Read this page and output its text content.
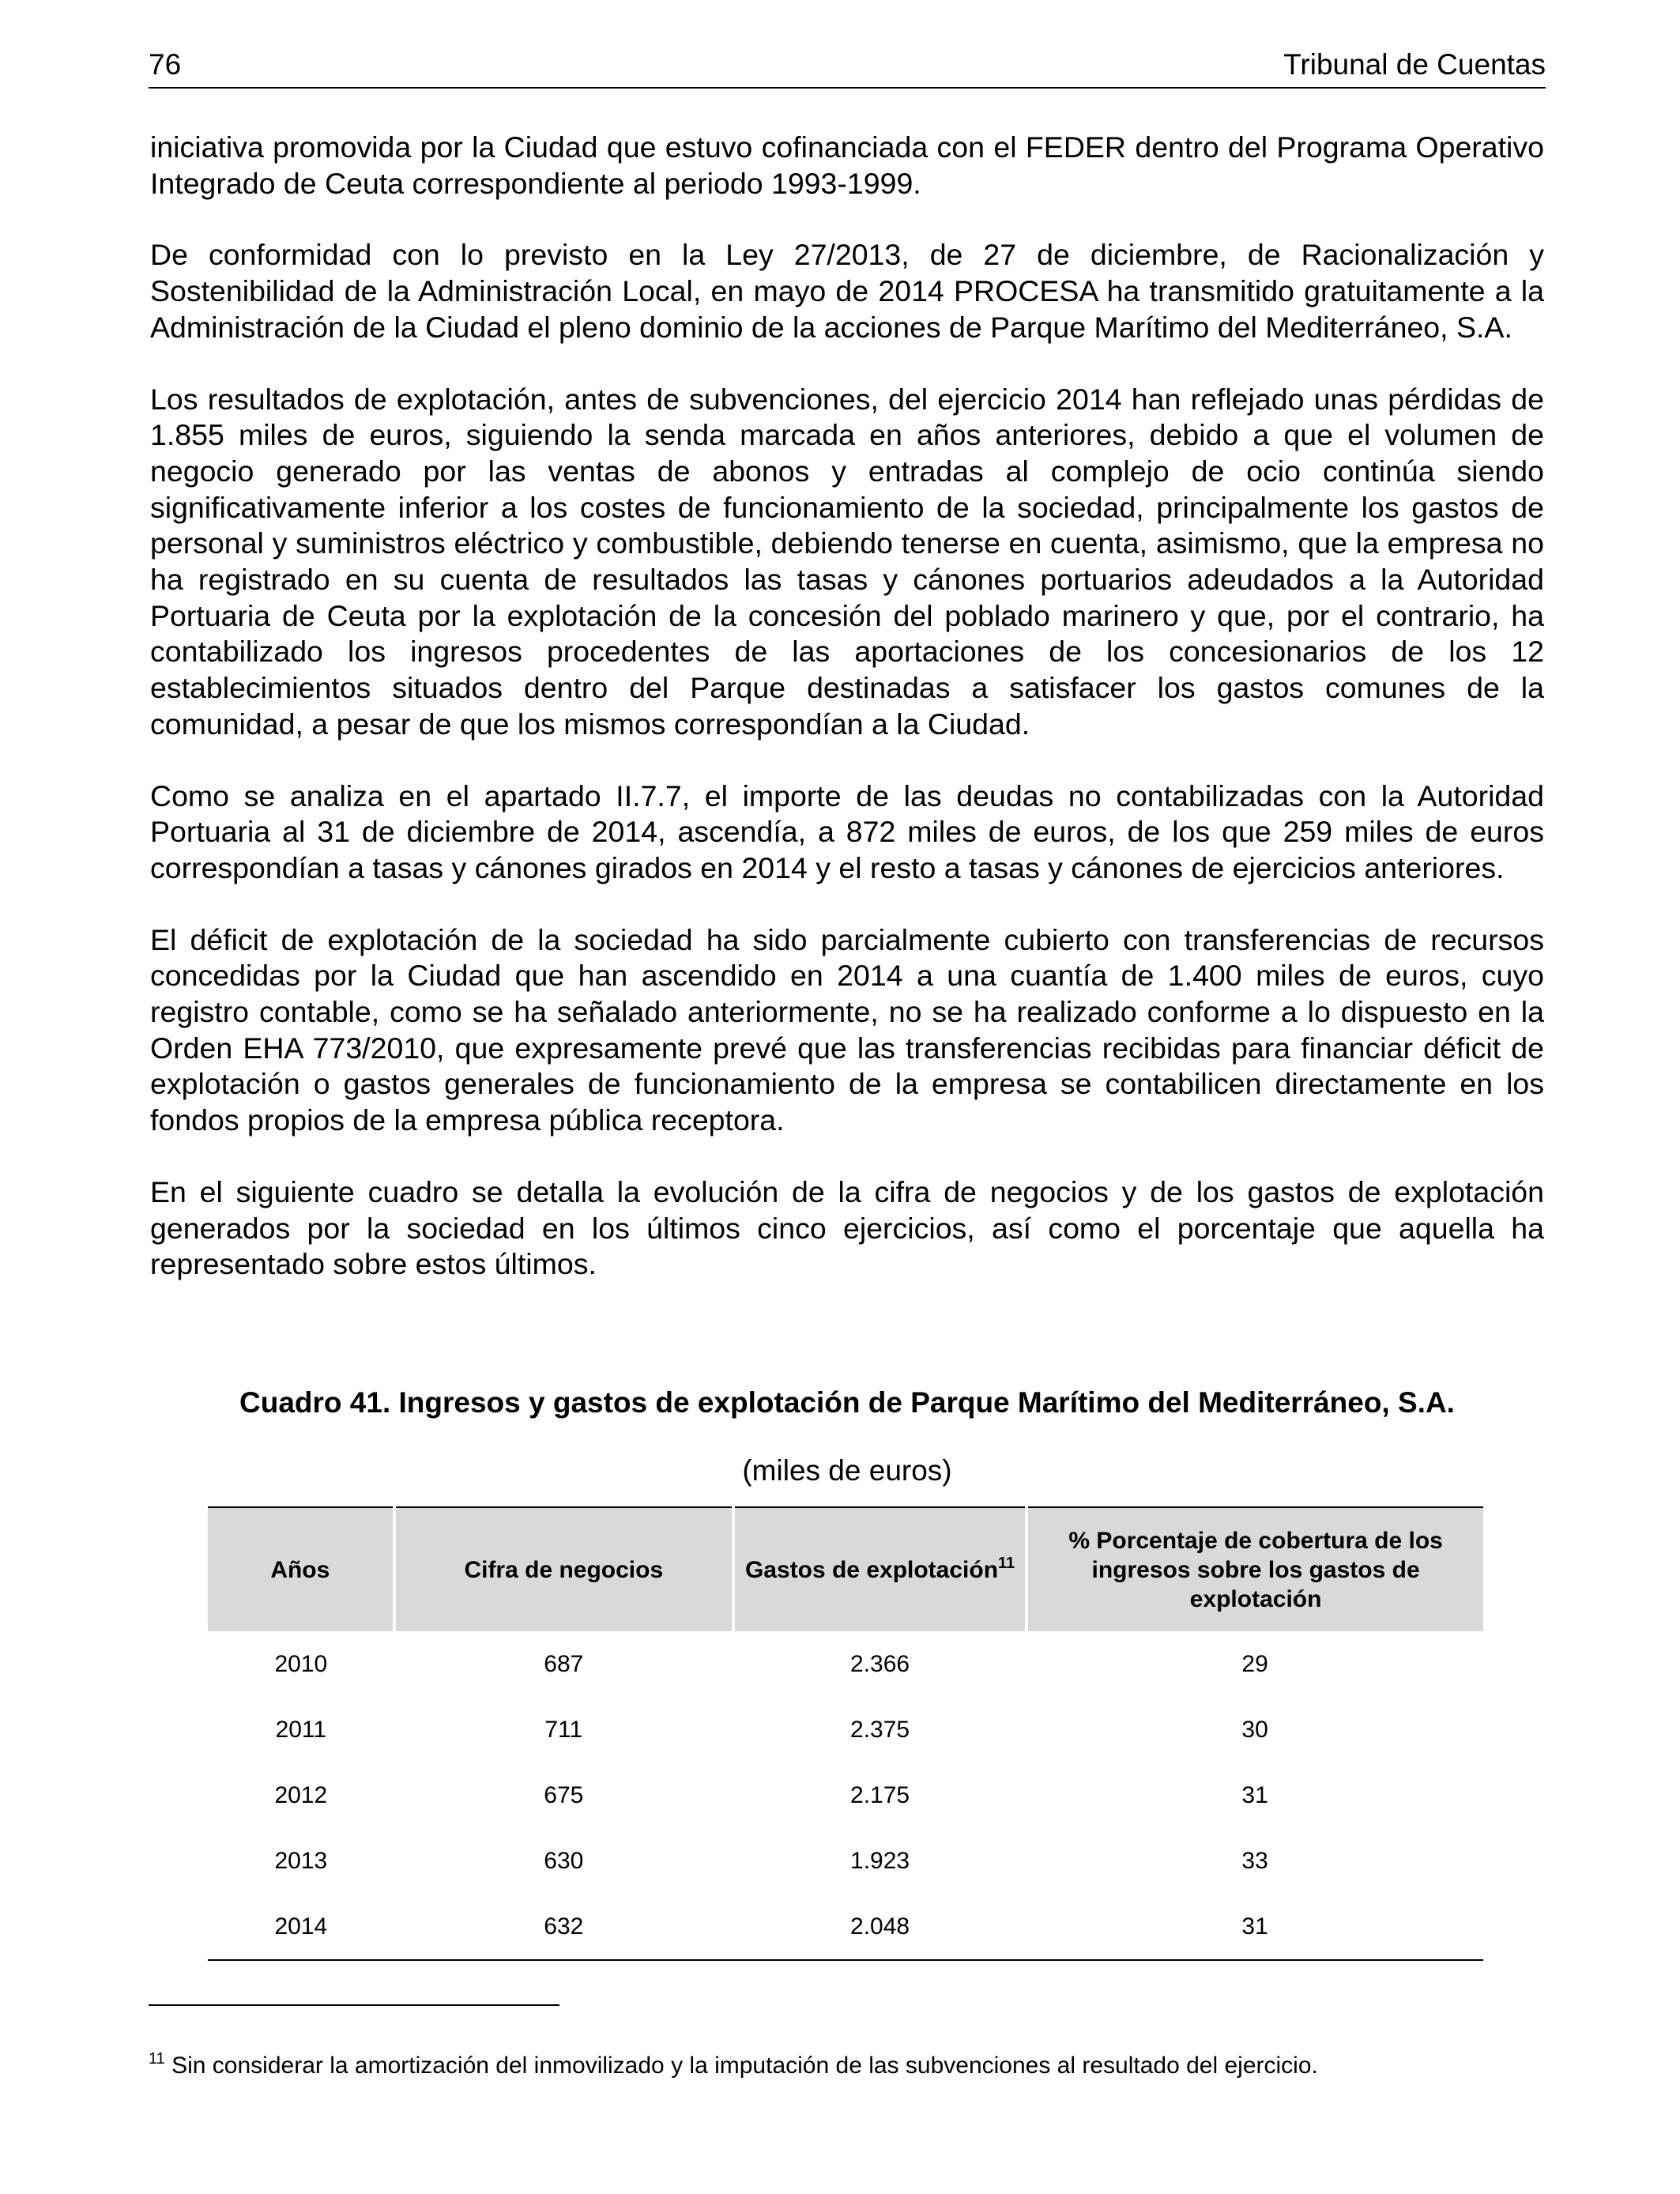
76	Tribunal de Cuentas

iniciativa promovida por la Ciudad que estuvo cofinanciada con el FEDER dentro del Programa Operativo Integrado de Ceuta correspondiente al periodo 1993-1999.

De conformidad con lo previsto en la Ley 27/2013, de 27 de diciembre, de Racionalización y Sostenibilidad de la Administración Local, en mayo de 2014 PROCESA ha transmitido gratuitamente a la Administración de la Ciudad el pleno dominio de la acciones de Parque Marítimo del Mediterráneo, S.A.

Los resultados de explotación, antes de subvenciones, del ejercicio 2014 han reflejado unas pérdidas de 1.855 miles de euros, siguiendo la senda marcada en años anteriores, debido a que el volumen de negocio generado por las ventas de abonos y entradas al complejo de ocio continúa siendo significativamente inferior a los costes de funcionamiento de la sociedad, principalmente los gastos de personal y suministros eléctrico y combustible, debiendo tenerse en cuenta, asimismo, que la empresa no ha registrado en su cuenta de resultados las tasas y cánones portuarios adeudados a la Autoridad Portuaria de Ceuta por la explotación de la concesión del poblado marinero y que, por el contrario, ha contabilizado los ingresos procedentes de las aportaciones de los concesionarios de los 12 establecimientos situados dentro del Parque destinadas a satisfacer los gastos comunes de la comunidad, a pesar de que los mismos correspondían a la Ciudad.

Como se analiza en el apartado II.7.7, el importe de las deudas no contabilizadas con la Autoridad Portuaria al 31 de diciembre de 2014, ascendía, a 872 miles de euros, de los que 259 miles de euros correspondían a tasas y cánones girados en 2014 y el resto a tasas y cánones de ejercicios anteriores.

El déficit de explotación de la sociedad ha sido parcialmente cubierto con transferencias de recursos concedidas por la Ciudad que han ascendido en 2014 a una cuantía de 1.400 miles de euros, cuyo registro contable, como se ha señalado anteriormente, no se ha realizado conforme a lo dispuesto en la Orden EHA 773/2010, que expresamente prevé que las transferencias recibidas para financiar déficit de explotación o gastos generales de funcionamiento de la empresa se contabilicen directamente en los fondos propios de la empresa pública receptora.

En el siguiente cuadro se detalla la evolución de la cifra de negocios y de los gastos de explotación generados por la sociedad en los últimos cinco ejercicios, así como el porcentaje que aquella ha representado sobre estos últimos.

Cuadro 41. Ingresos y gastos de explotación de Parque Marítimo del Mediterráneo, S.A.
(miles de euros)
Años	Cifra de negocios	Gastos de explotación$^{11}$	% Porcentaje de cobertura de los ingresos sobre los gastos de explotación
2010	687	2.366	29
2011	711	2.375	30
2012	675	2.175	31
2013	630	1.923	33
2014	632	2.048	31
$^{11}$ Sin considerar la amortización del inmovilizado y la imputación de las subvenciones al resultado del ejercicio.
